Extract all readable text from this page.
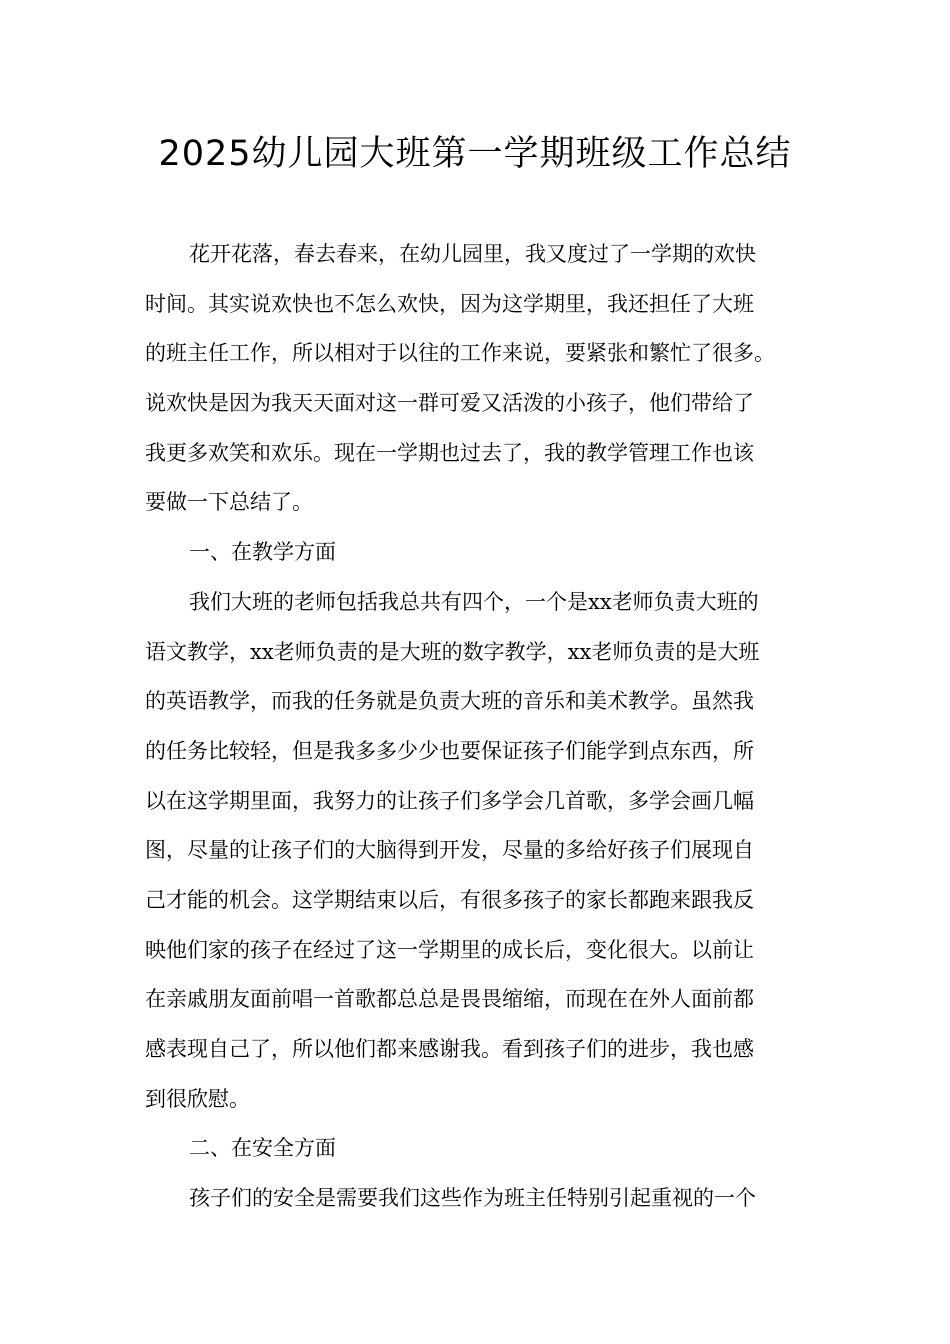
2025幼儿园大班第一学期班级工作总结
花开花落，春去春来，在幼儿园里，我又度过了一学期的欢快
时间。其实说欢快也不怎么欢快，因为这学期里，我还担任了大班
的班主任工作，所以相对于以往的工作来说，要紧张和繁忙了很多。
说欢快是因为我天天面对这一群可爱又活泼的小孩子，他们带给了
我更多欢笑和欢乐。现在一学期也过去了，我的教学管理工作也该
要做一下总结了。
一、在教学方面
我们大班的老师包括我总共有四个，一个是xx老师负责大班的
语文教学，xx老师负责的是大班的数字教学，xx老师负责的是大班
的英语教学，而我的任务就是负责大班的音乐和美术教学。虽然我
的任务比较轻，但是我多多少少也要保证孩子们能学到点东西，所
以在这学期里面，我努力的让孩子们多学会几首歌，多学会画几幅
图，尽量的让孩子们的大脑得到开发，尽量的多给好孩子们展现自
己才能的机会。这学期结束以后，有很多孩子的家长都跑来跟我反
映他们家的孩子在经过了这一学期里的成长后，变化很大。以前让
在亲戚朋友面前唱一首歌都总总是畏畏缩缩，而现在在外人面前都
感表现自己了，所以他们都来感谢我。看到孩子们的进步，我也感
到很欣慰。
二、在安全方面
孩子们的安全是需要我们这些作为班主任特别引起重视的一个
